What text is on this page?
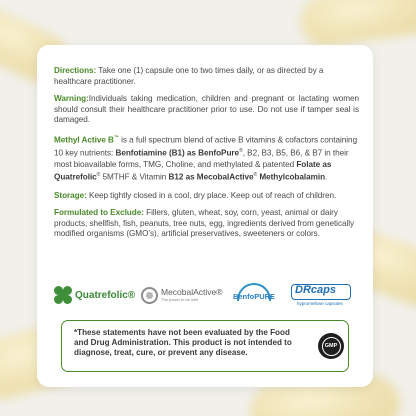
Directions: Take one (1) capsule one to two times daily, or as directed by a healthcare practitioner.

Warning:Individuals taking medication, children and pregnant or lactating women should consult their healthcare practitioner prior to use. Do not use if tamper seal is damaged.

Methyl Active B™ is a full spectrum blend of active B vitamins & cofactors containing 10 key nutrients: Benfotiamine (B1) as BenfoPure®, B2, B3, B5, B6, & B7 in their most bioavailable forms, TMG, Choline, and methylated & patented Folate as Quatrefolic® 5MTHF & Vitamin B12 as MecobalActive® Methylcobalamin.

Storage: Keep tightly closed in a cool, dry place. Keep out of reach of children.

Formulated to Exclude: Fillers, gluten, wheat, soy, corn, yeast, animal or dairy products, shellfish, fish, peanuts, tree nuts, egg, ingredients derived from genetically modified organisms (GMO’s), artificial preservatives, sweeteners or colors.

Quatrefolic®	MecobalActive®
The power to be well	BenfoPURE
DRcaps
hypromellose capsules
*These statements have not been evaluated by the Food and Drug Administration. This product is not intended to diagnose, treat, cure, or prevent any disease.
GMP
